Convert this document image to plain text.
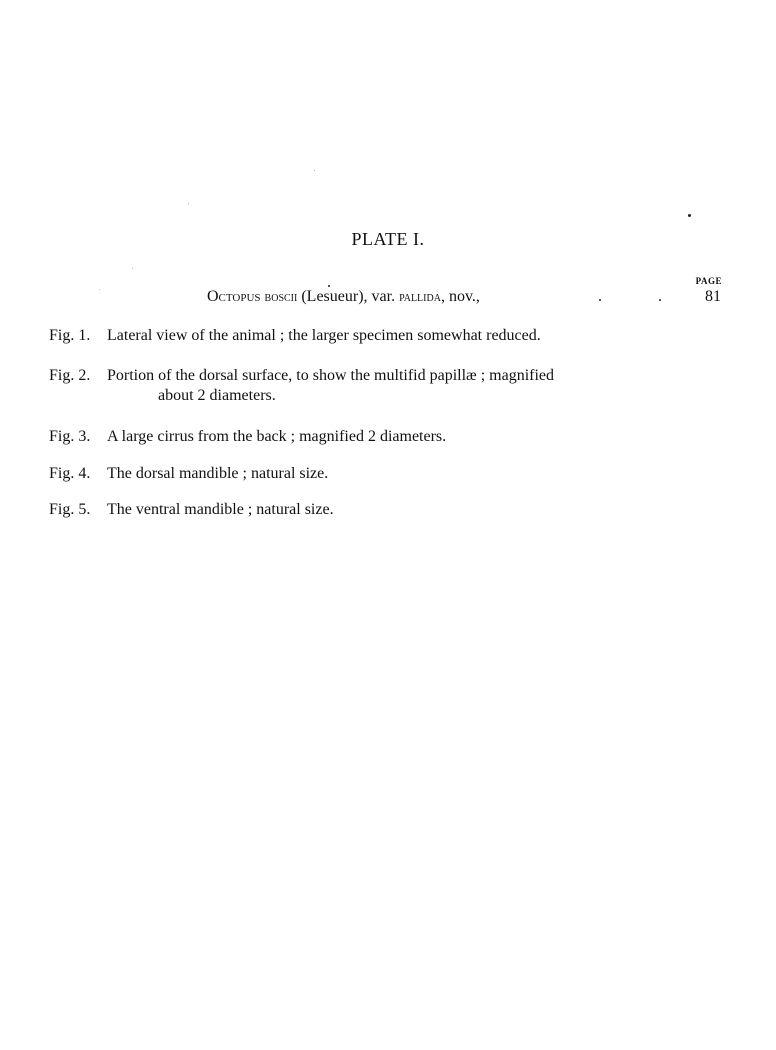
PLATE I.
PAGE
Octopus boscii (Lesueur), var. pallida, nov.,	.	.	81
Fig. 1. Lateral view of the animal ; the larger specimen somewhat reduced.
Fig. 2. Portion of the dorsal surface, to show the multifid papillæ ; magnified
about 2 diameters.
Fig. 3. A large cirrus from the back ; magnified 2 diameters.
Fig. 4. The dorsal mandible ; natural size.
Fig. 5. The ventral mandible ; natural size.
